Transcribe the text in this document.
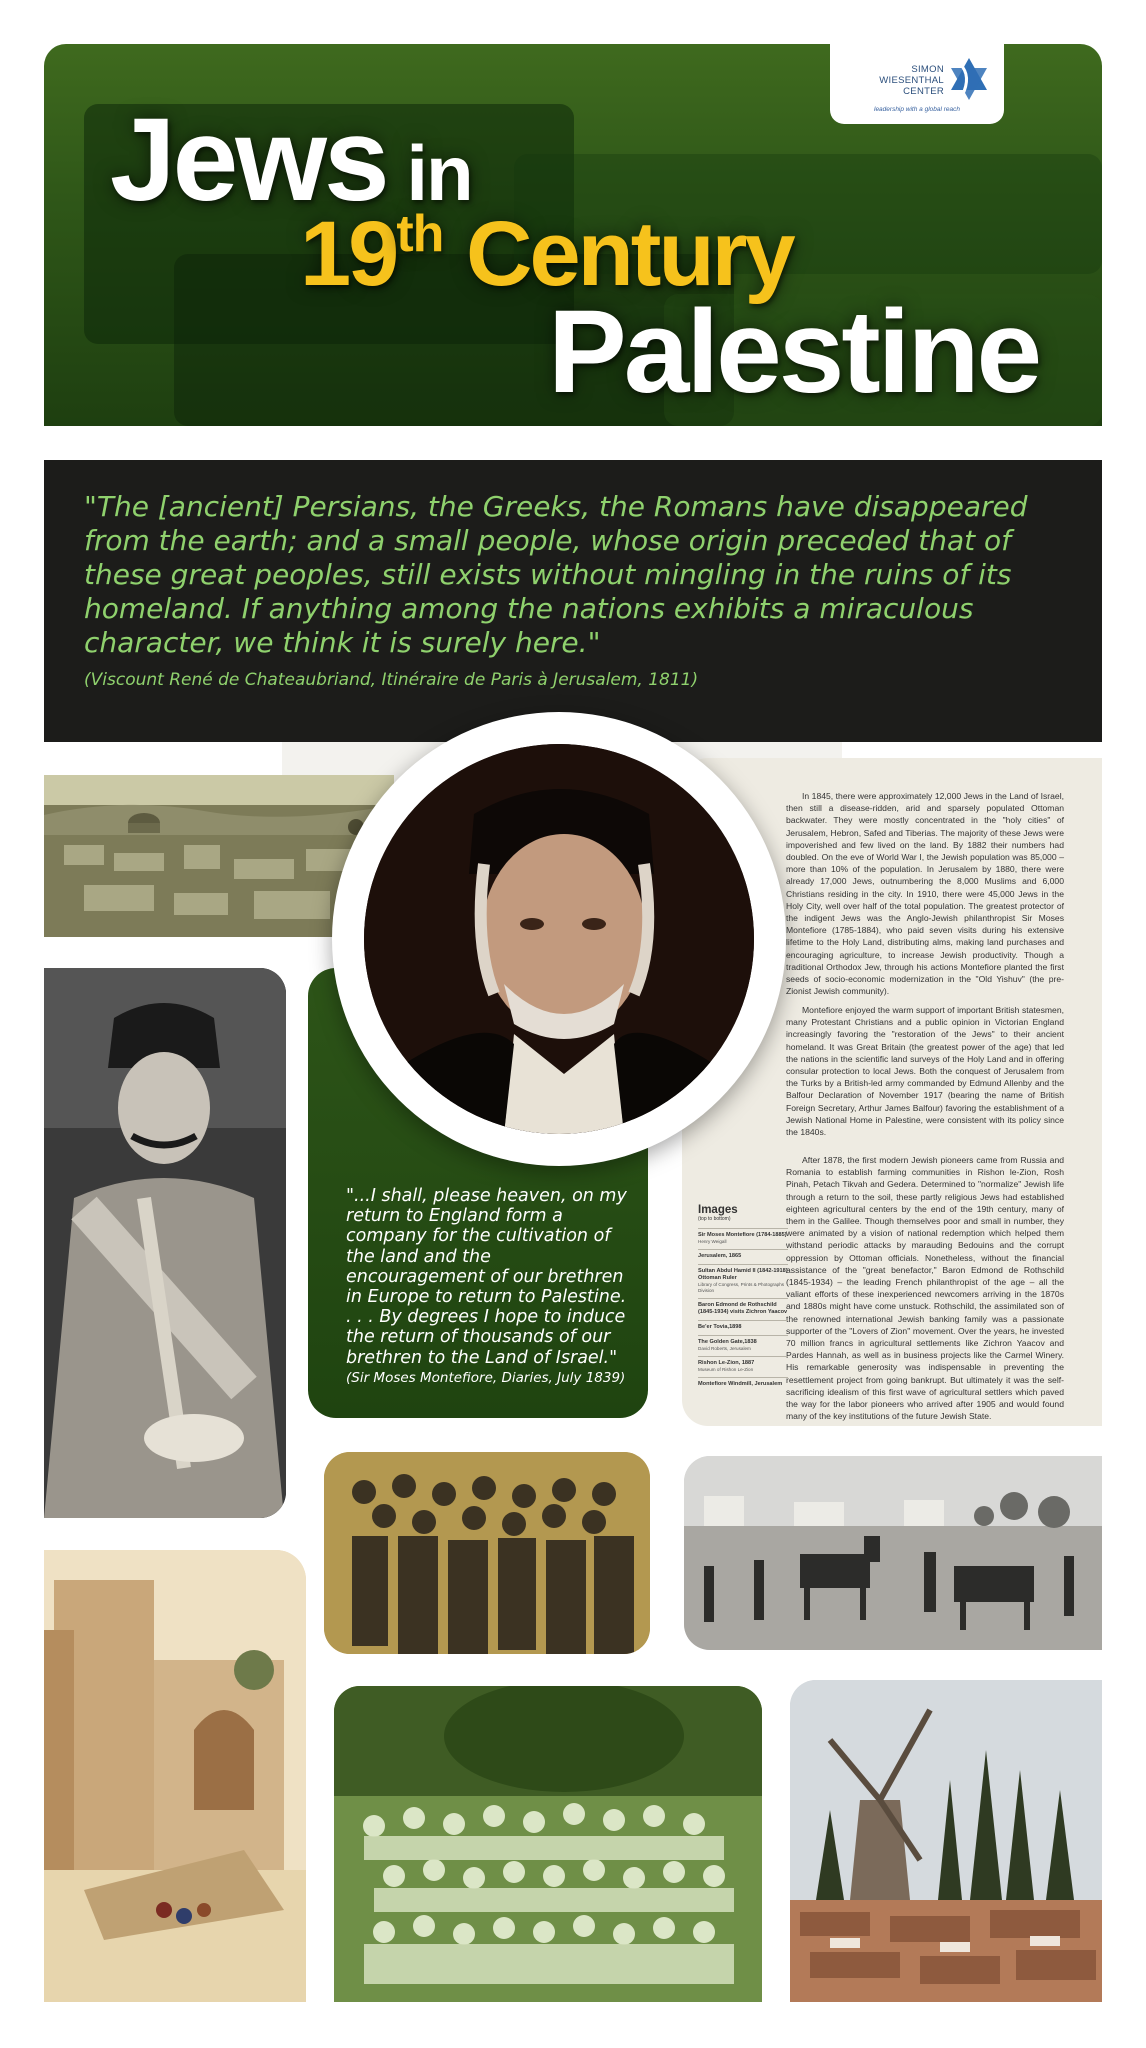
Jews in
19th Century
Palestine
SIMON
WIESENTHAL
CENTER
leadership with a global reach
"The [ancient] Persians, the Greeks, the Romans have disappeared from the earth; and a small people, whose origin preceded that of these great peoples, still exists without mingling in the ruins of its homeland. If anything among the nations exhibits a miraculous character, we think it is surely here."
(Viscount René de Chateaubriand, Itinéraire de Paris à Jerusalem, 1811)
"...I shall, please heaven, on my return to England form a company for the cultivation of the land and the encouragement of our brethren in Europe to return to Palestine. . . . By degrees I hope to induce the return of thousands of our brethren to the Land of Israel."
(Sir Moses Montefiore, Diaries, July 1839)
In 1845, there were approximately 12,000 Jews in the Land of Israel, then still a disease-ridden, arid and sparsely populated Ottoman backwater. They were mostly concentrated in the "holy cities" of Jerusalem, Hebron, Safed and Tiberias. The majority of these Jews were impoverished and few lived on the land. By 1882 their numbers had doubled. On the eve of World War I, the Jewish population was 85,000 – more than 10% of the population. In Jerusalem by 1880, there were already 17,000 Jews, outnumbering the 8,000 Muslims and 6,000 Christians residing in the city. In 1910, there were 45,000 Jews in the Holy City, well over half of the total population. The greatest protector of the indigent Jews was the Anglo-Jewish philanthropist Sir Moses Montefiore (1785-1884), who paid seven visits during his extensive lifetime to the Holy Land, distributing alms, making land purchases and encouraging agriculture, to increase Jewish productivity. Though a traditional Orthodox Jew, through his actions Montefiore planted the first seeds of socio-economic modernization in the "Old Yishuv" (the pre-Zionist Jewish community).
Montefiore enjoyed the warm support of important British statesmen, many Protestant Christians and a public opinion in Victorian England increasingly favoring the "restoration of the Jews" to their ancient homeland. It was Great Britain (the greatest power of the age) that led the nations in the scientific land surveys of the Holy Land and in offering consular protection to local Jews. Both the conquest of Jerusalem from the Turks by a British-led army commanded by Edmund Allenby and the Balfour Declaration of November 1917 (bearing the name of British Foreign Secretary, Arthur James Balfour) favoring the establishment of a Jewish National Home in Palestine, were consistent with its policy since the 1840s.
After 1878, the first modern Jewish pioneers came from Russia and Romania to establish farming communities in Rishon le-Zion, Rosh Pinah, Petach Tikvah and Gedera. Determined to "normalize" Jewish life through a return to the soil, these partly religious Jews had established eighteen agricultural centers by the end of the 19th century, many of them in the Galilee. Though themselves poor and small in number, they were animated by a vision of national redemption which helped them withstand periodic attacks by marauding Bedouins and the corrupt oppression by Ottoman officials. Nonetheless, without the financial assistance of the "great benefactor," Baron Edmond de Rothschild (1845-1934) – the leading French philanthropist of the age – all the valiant efforts of these inexperienced newcomers arriving in the 1870s and 1880s might have come unstuck. Rothschild, the assimilated son of the renowned international Jewish banking family was a passionate supporter of the "Lovers of Zion" movement. Over the years, he invested 70 million francs in agricultural settlements like Zichron Yaacov and Pardes Hannah, as well as in business projects like the Carmel Winery. His remarkable generosity was indispensable in preventing the resettlement project from going bankrupt. But ultimately it was the self-sacrificing idealism of this first wave of agricultural settlers which paved the way for the labor pioneers who arrived after 1905 and would found many of the key institutions of the future Jewish State.
Images
(top to bottom)
Sir Moses Montefiore (1784-1885)
Henry Weigall
Jerusalem, 1865
Sultan Abdul Hamid II (1842-1918) Ottoman Ruler
Library of Congress, Prints & Photographs Division
Baron Edmond de Rothschild (1845-1934) visits Zichron Yaacov
Be'er Tovia,1898
The Golden Gate,1838
David Roberts, Jerusalem
Rishon Le-Zion, 1887
Museum of Rishon Le-Zion
Montefiore Windmill, Jerusalem
